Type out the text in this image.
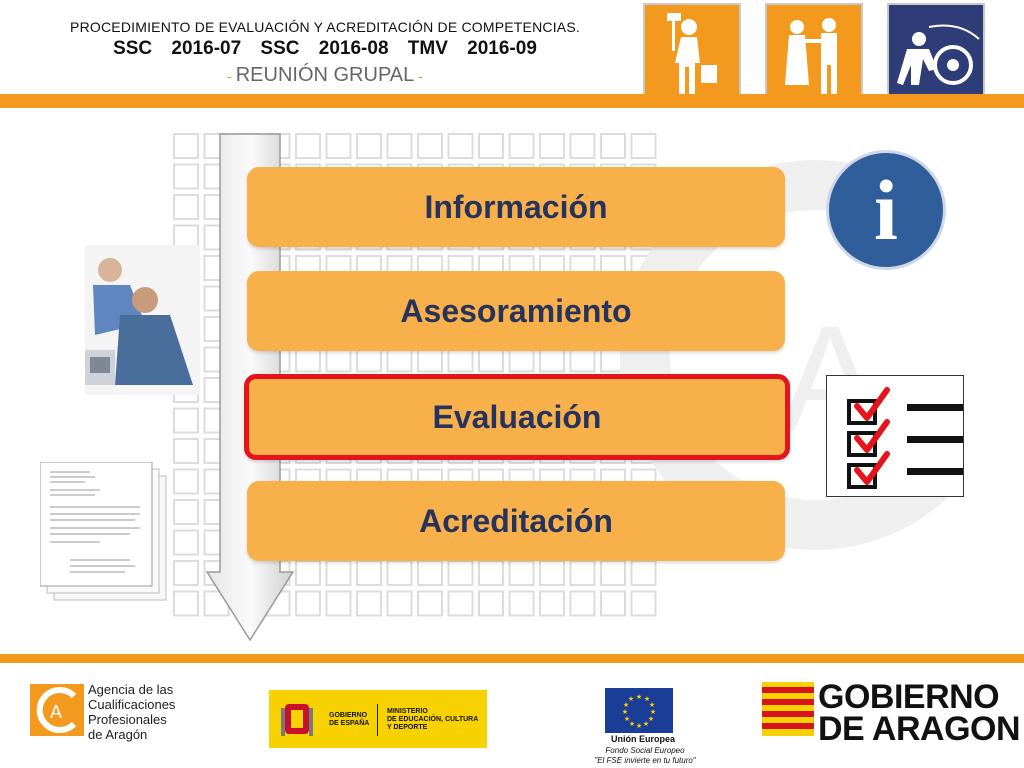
PROCEDIMIENTO DE EVALUACIÓN Y ACREDITACIÓN DE COMPETENCIAS.
SSC 2016-07 SSC 2016-08 TMV 2016-09
- REUNIÓN GRUPAL -
Información
Asesoramiento
Evaluación
Acreditación
i
A
Agencia de las
Cualificaciones
Profesionales
de Aragón
GOBIERNO
DE ESPAÑA
MINISTERIO
DE EDUCACIÓN, CULTURA
Y DEPORTE
★ ★
★
★
★
★
★
★
★
★
★
★
Unión Europea
Fondo Social Europeo
"El FSE invierte en tu futuro"
GOBIERNO
DE ARAGON
